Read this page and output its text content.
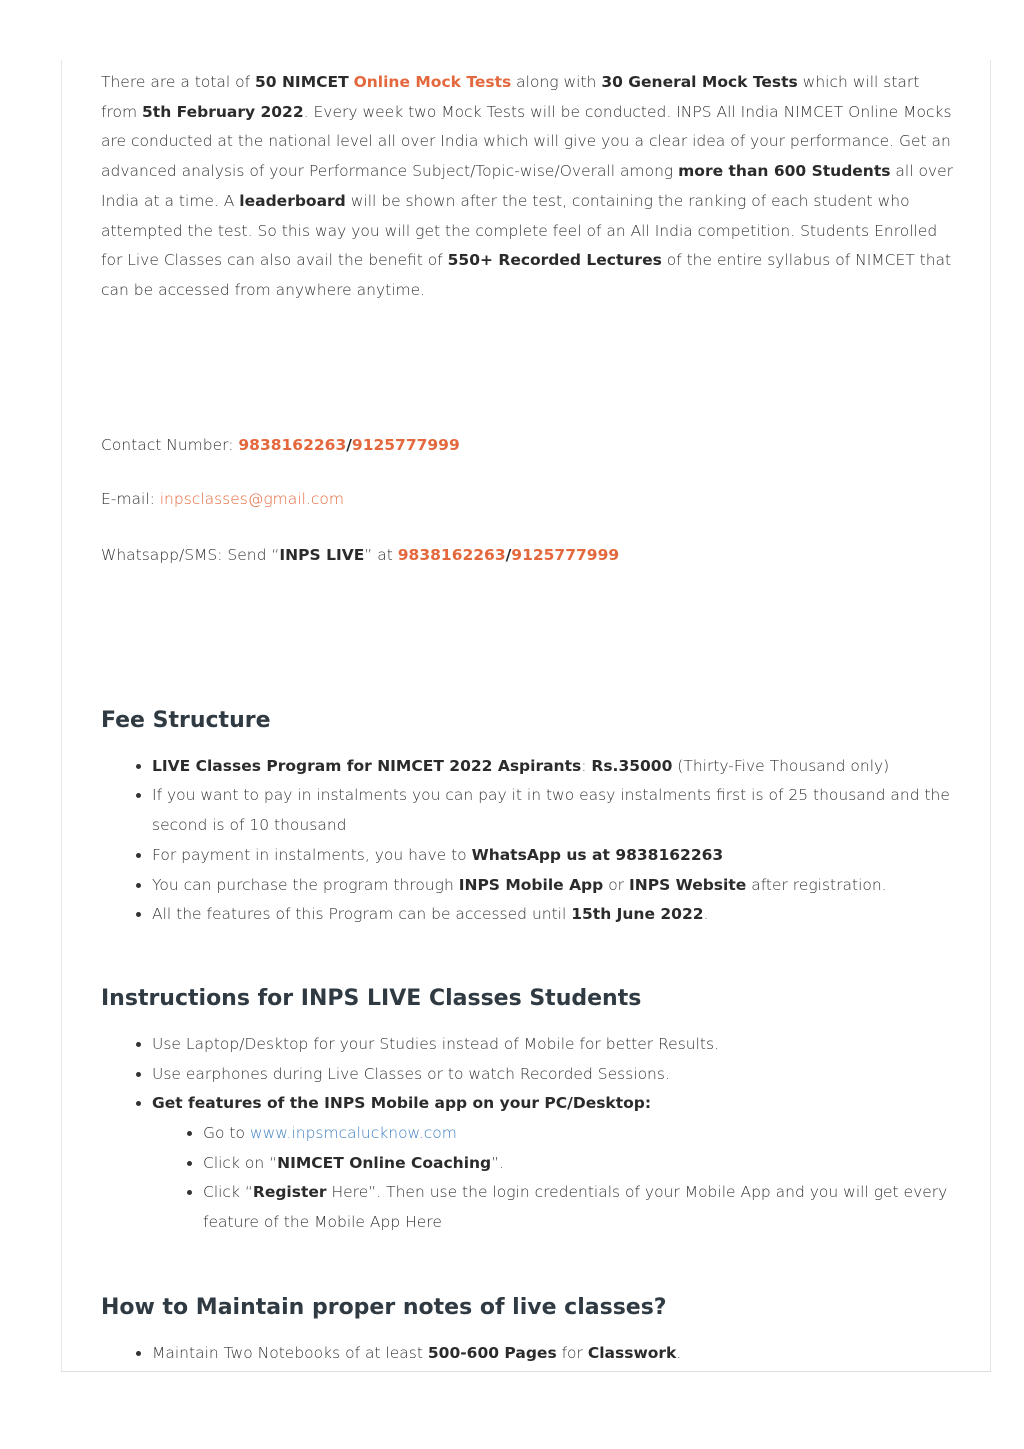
There are a total of 50 NIMCET Online Mock Tests along with 30 General Mock Tests which will start from 5th February 2022. Every week two Mock Tests will be conducted. INPS All India NIMCET Online Mocks are conducted at the national level all over India which will give you a clear idea of your performance. Get an advanced analysis of your Performance Subject/Topic-wise/Overall among more than 600 Students all over India at a time. A leaderboard will be shown after the test, containing the ranking of each student who attempted the test. So this way you will get the complete feel of an All India competition. Students Enrolled for Live Classes can also avail the benefit of 550+ Recorded Lectures of the entire syllabus of NIMCET that can be accessed from anywhere anytime.

Contact Number: 9838162263/9125777999

E-mail: inpsclasses@gmail.com

Whatsapp/SMS: Send “INPS LIVE” at 9838162263/9125777999

Fee Structure
• LIVE Classes Program for NIMCET 2022 Aspirants: Rs.35000 (Thirty-Five Thousand only)
• If you want to pay in instalments you can pay it in two easy instalments first is of 25 thousand and the second is of 10 thousand
• For payment in instalments, you have to WhatsApp us at 9838162263
• You can purchase the program through INPS Mobile App or INPS Website after registration.
• All the features of this Program can be accessed until 15th June 2022.
Instructions for INPS LIVE Classes Students
• Use Laptop/Desktop for your Studies instead of Mobile for better Results.
• Use earphones during Live Classes or to watch Recorded Sessions.
• Get features of the INPS Mobile app on your PC/Desktop:
• Go to www.inpsmcalucknow.com
• Click on “NIMCET Online Coaching”.
• Click “Register Here”. Then use the login credentials of your Mobile App and you will get every feature of the Mobile App Here
How to Maintain proper notes of live classes?
• Maintain Two Notebooks of at least 500-600 Pages for Classwork.
